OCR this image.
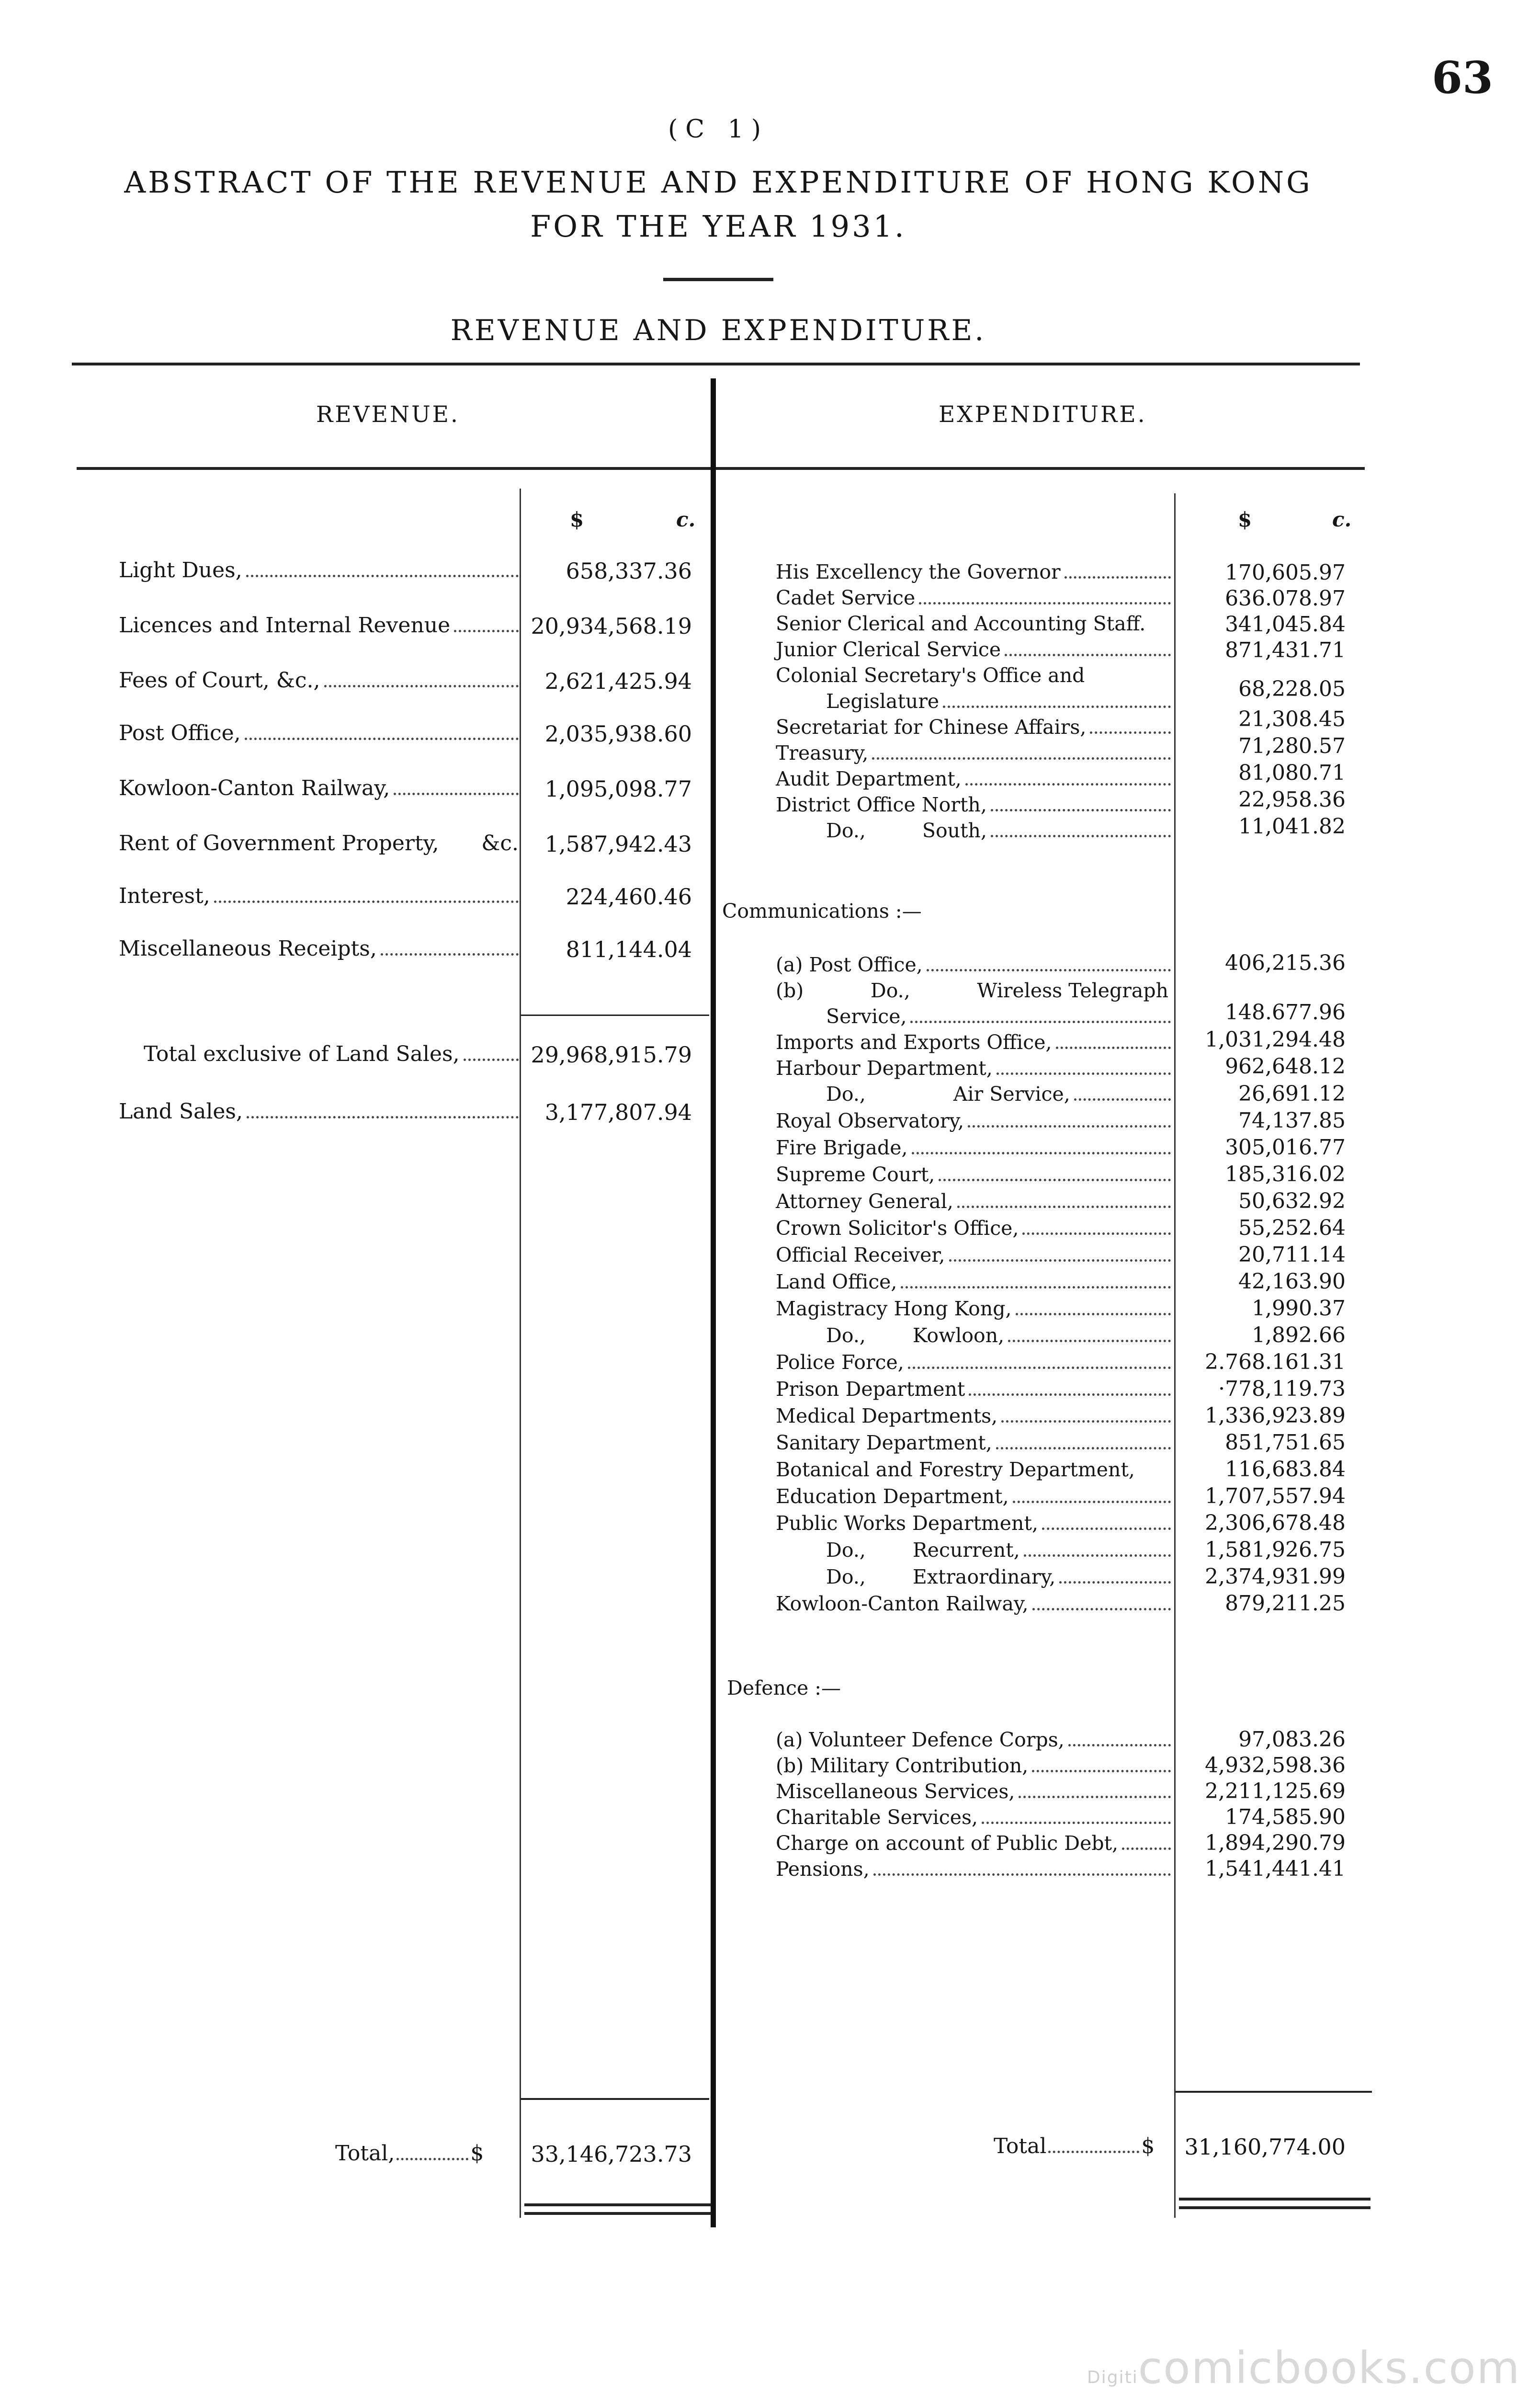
63
(C 1)
ABSTRACT OF THE REVENUE AND EXPENDITURE OF HONG KONG
FOR THE YEAR 1931.
REVENUE AND EXPENDITURE.
REVENUE.	EXPENDITURE.
$	c.	$	c.
Light Dues,	658,337.36
Licences and Internal Revenue	20,934,568.19
Fees of Court, &c.,	2,621,425.94
Post Office,	2,035,938.60
Kowloon-Canton Railway,	1,095,098.77
Rent of Government Property, &c.	1,587,942.43
Interest,	224,460.46
Miscellaneous Receipts,	811,144.04
Total exclusive of Land Sales,	29,968,915.79
Land Sales,	3,177,807.94
His Excellency the Governor	170,605.97
Cadet Service	636.078.97
Senior Clerical and Accounting Staff.	341,045.84
Junior Clerical Service	871,431.71
Colonial Secretary's Office and
Legislature	68,228.05
Secretariat for Chinese Affairs,	21,308.45
Treasury,	71,280.57
Audit Department,	81,080.71
District Office North,	22,958.36
Do.,	South,	11,041.82
Communications :—
(a) Post Office,	406,215.36
(b)	Do.,	Wireless Telegraph
Service,	148.677.96
Imports and Exports Office,	1,031,294.48
Harbour Department,	962,648.12
Do.,	Air Service,	26,691.12
Royal Observatory,	74,137.85
Fire Brigade,	305,016.77
Supreme Court,	185,316.02
Attorney General,	50,632.92
Crown Solicitor's Office,	55,252.64
Official Receiver,	20,711.14
Land Office,	42,163.90
Magistracy Hong Kong,	1,990.37
Do.,	Kowloon,	1,892.66
Police Force,	2.768.161.31
Prison Department	·778,119.73
Medical Departments,	1,336,923.89
Sanitary Department,	851,751.65
Botanical and Forestry Department,	116,683.84
Education Department,	1,707,557.94
Public Works Department,	2,306,678.48
Do.,	Recurrent,	1,581,926.75
Do.,	Extraordinary,	2,374,931.99
Kowloon-Canton Railway,	879,211.25
Defence :—
(a) Volunteer Defence Corps,	97,083.26
(b) Military Contribution,	4,932,598.36
Miscellaneous Services,	2,211,125.69
Charitable Services,	174,585.90
Charge on account of Public Debt,	1,894,290.79
Pensions,	1,541,441.41
Total,	$	33,146,723.73	Total	$	31,160,774.00
Digiticomicbooks.com
